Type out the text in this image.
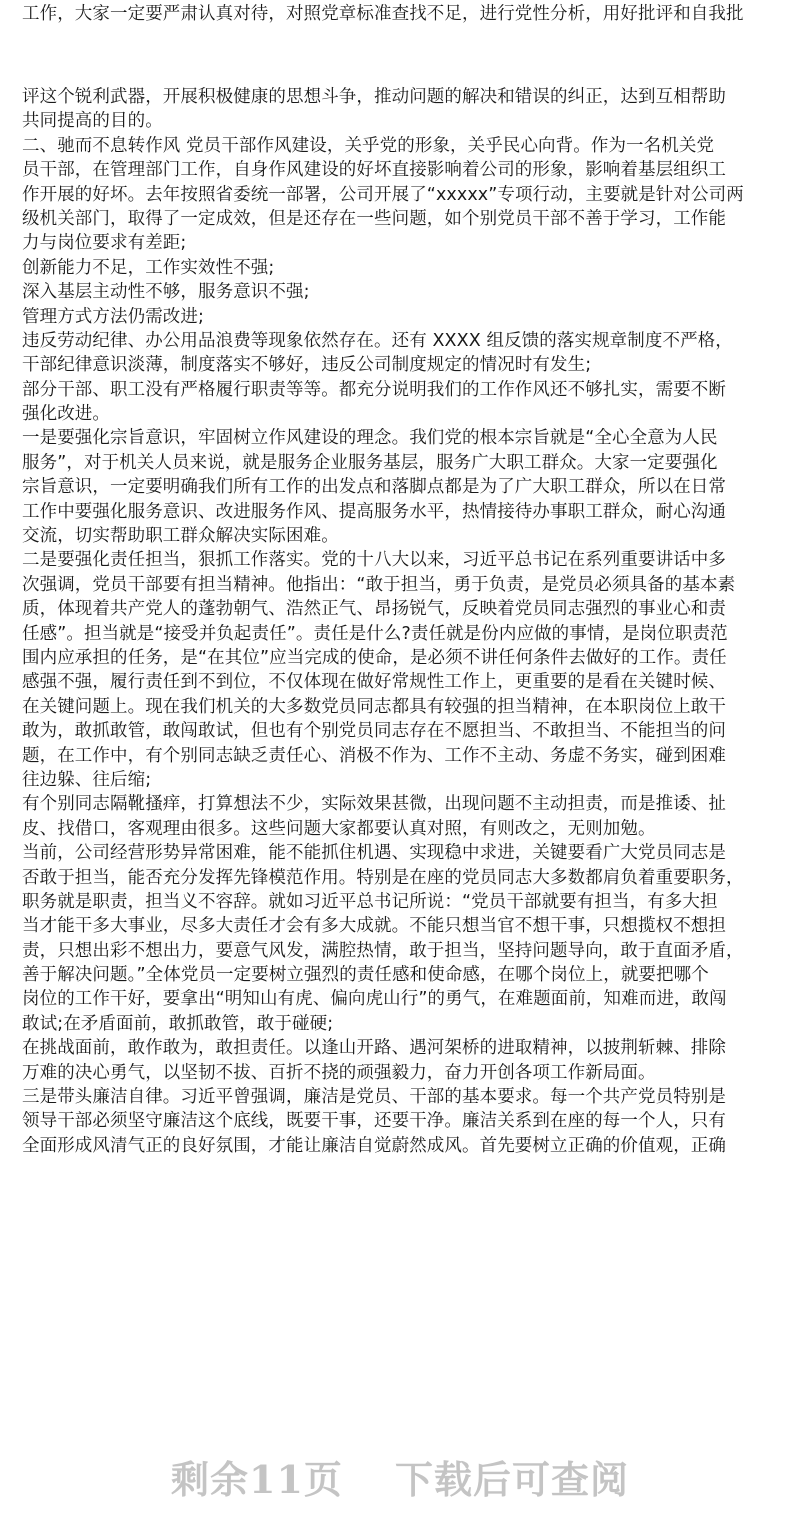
工作，大家一定要严肃认真对待，对照党章标准查找不足，进行党性分析，用好批评和自我批
评这个锐利武器，开展积极健康的思想斗争，推动问题的解决和错误的纠正，达到互相帮助
共同提高的目的。
二、驰而不息转作风 党员干部作风建设，关乎党的形象，关乎民心向背。作为一名机关党
员干部，在管理部门工作，自身作风建设的好坏直接影响着公司的形象，影响着基层组织工
作开展的好坏。去年按照省委统一部署，公司开展了“xxxxx”专项行动，主要就是针对公司两
级机关部门，取得了一定成效，但是还存在一些问题，如个别党员干部不善于学习，工作能
力与岗位要求有差距;
创新能力不足，工作实效性不强;
深入基层主动性不够，服务意识不强;
管理方式方法仍需改进;
违反劳动纪律、办公用品浪费等现象依然存在。还有 XXXX 组反馈的落实规章制度不严格，
干部纪律意识淡薄，制度落实不够好，违反公司制度规定的情况时有发生;
部分干部、职工没有严格履行职责等等。都充分说明我们的工作作风还不够扎实，需要不断
强化改进。
一是要强化宗旨意识，牢固树立作风建设的理念。我们党的根本宗旨就是“全心全意为人民
服务”，对于机关人员来说，就是服务企业服务基层，服务广大职工群众。大家一定要强化
宗旨意识，一定要明确我们所有工作的出发点和落脚点都是为了广大职工群众，所以在日常
工作中要强化服务意识、改进服务作风、提高服务水平，热情接待办事职工群众，耐心沟通
交流，切实帮助职工群众解决实际困难。
二是要强化责任担当，狠抓工作落实。党的十八大以来，习近平总书记在系列重要讲话中多
次强调，党员干部要有担当精神。他指出：“敢于担当，勇于负责，是党员必须具备的基本素
质，体现着共产党人的蓬勃朝气、浩然正气、昂扬锐气，反映着党员同志强烈的事业心和责
任感”。担当就是“接受并负起责任”。责任是什么?责任就是份内应做的事情，是岗位职责范
围内应承担的任务，是“在其位”应当完成的使命，是必须不讲任何条件去做好的工作。责任
感强不强，履行责任到不到位，不仅体现在做好常规性工作上，更重要的是看在关键时候、
在关键问题上。现在我们机关的大多数党员同志都具有较强的担当精神，在本职岗位上敢干
敢为，敢抓敢管，敢闯敢试，但也有个别党员同志存在不愿担当、不敢担当、不能担当的问
题，在工作中，有个别同志缺乏责任心、消极不作为、工作不主动、务虚不务实，碰到困难
往边躲、往后缩;
有个别同志隔靴搔痒，打算想法不少，实际效果甚微，出现问题不主动担责，而是推诿、扯
皮、找借口，客观理由很多。这些问题大家都要认真对照，有则改之，无则加勉。
当前，公司经营形势异常困难，能不能抓住机遇、实现稳中求进，关键要看广大党员同志是
否敢于担当，能否充分发挥先锋模范作用。特别是在座的党员同志大多数都肩负着重要职务，
职务就是职责，担当义不容辞。就如习近平总书记所说：“党员干部就要有担当，有多大担
当才能干多大事业，尽多大责任才会有多大成就。不能只想当官不想干事，只想揽权不想担
责，只想出彩不想出力，要意气风发，满腔热情，敢于担当，坚持问题导向，敢于直面矛盾，
善于解决问题。”全体党员一定要树立强烈的责任感和使命感，在哪个岗位上，就要把哪个
岗位的工作干好，要拿出“明知山有虎、偏向虎山行”的勇气，在难题面前，知难而进，敢闯
敢试;在矛盾面前，敢抓敢管，敢于碰硬;
在挑战面前，敢作敢为，敢担责任。以逢山开路、遇河架桥的进取精神，以披荆斩棘、排除
万难的决心勇气，以坚韧不拔、百折不挠的顽强毅力，奋力开创各项工作新局面。
三是带头廉洁自律。习近平曾强调，廉洁是党员、干部的基本要求。每一个共产党员特别是
领导干部必须坚守廉洁这个底线，既要干事，还要干净。廉洁关系到在座的每一个人，只有
全面形成风清气正的良好氛围，才能让廉洁自觉蔚然成风。首先要树立正确的价值观，正确
剩余11页 下载后可查阅
